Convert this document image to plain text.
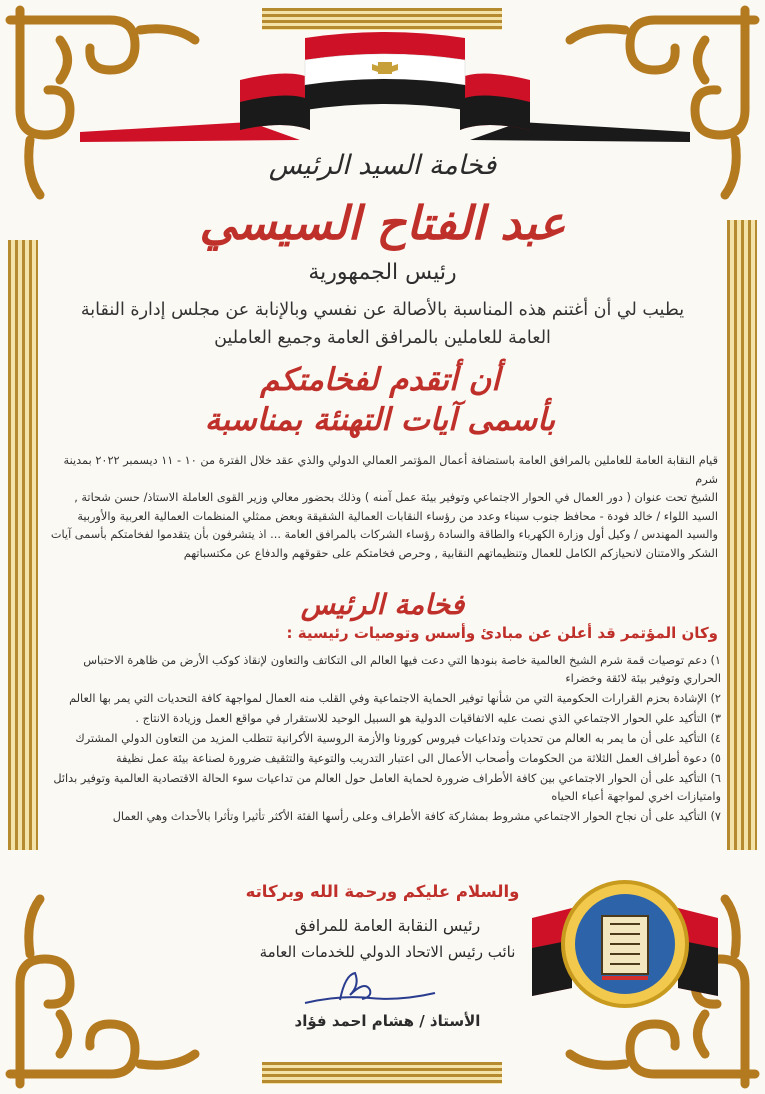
فخامة السيد الرئيس
عبد الفتاح السيسي
رئيس الجمهورية
يطيب لي أن أغتنم هذه المناسبة بالأصالة عن نفسي وبالإنابة عن مجلس إدارة النقابة
العامة للعاملين بالمرافق العامة وجميع العاملين
أن أتقدم لفخامتكم
بأسمى آيات التهنئة بمناسبة
قيام النقابة العامة للعاملين بالمرافق العامة باستضافة أعمال المؤتمر العمالي الدولي والذي عقد خلال الفترة من ١٠ - ١١ ديسمبر ٢٠٢٢ بمدينة شرم
الشيخ تحت عنوان ( دور العمال في الحوار الاجتماعي وتوفير بيئة عمل آمنه ) وذلك بحضور معالي وزير القوى العاملة الاستاذ/ حسن شحاتة ,
السيد اللواء / خالد فودة - محافظ جنوب سيناء وعدد من رؤساء النقابات العمالية الشقيقة وبعض ممثلي المنظمات العمالية العربية والأوربية
والسيد المهندس / وكيل أول وزارة الكهرباء والطاقة والسادة رؤساء الشركات بالمرافق العامة ... اذ يتشرفون بأن يتقدموا لفخامتكم بأسمى آيات
الشكر والامتنان لانحيازكم الكامل للعمال وتنظيماتهم النقابية , وحرص فخامتكم على حقوقهم والدفاع عن مكتسباتهم
فخامة الرئيس
وكان المؤتمر قد أعلن عن مبادئ وأسس وتوصيات رئيسية :
١) دعم توصيات قمة شرم الشيخ العالمية خاصة بنودها التي دعت فيها العالم الى التكاتف والتعاون لإنقاذ كوكب الأرض من ظاهرة الاحتباس الحراري وتوفير بيئة لائقة وخضراء
٢) الإشادة بحزم القرارات الحكومية التي من شأنها توفير الحماية الاجتماعية وفي القلب منه العمال لمواجهة كافة التحديات التي يمر بها العالم
٣) التأكيد علي الحوار الاجتماعي الذي نصت عليه الاتفاقيات الدولية هو السبيل الوحيد للاستقرار في مواقع العمل وزيادة الانتاج .
٤) التأكيد على أن ما يمر به العالم من تحديات وتداعيات فيروس كورونا والأزمة الروسية الأكرانية تتطلب المزيد من التعاون الدولي المشترك
٥) دعوة أطراف العمل الثلاثة من الحكومات وأصحاب الأعمال الى اعتبار التدريب والتوعية والتثقيف ضرورة لصناعة بيئة عمل نظيفة
٦) التأكيد على أن الحوار الاجتماعي بين كافة الأطراف ضرورة لحماية العامل حول العالم من تداعيات سوء الحالة الاقتصادية العالمية وتوفير بدائل وامتيازات اخري لمواجهة أعباء الحياه
٧) التأكيد على أن نجاح الحوار الاجتماعي مشروط بمشاركة كافة الأطراف وعلى رأسها الفئة الأكثر تأثيرا وتأثرا بالأحداث وهي العمال
والسلام عليكم ورحمة الله وبركاته
رئيس النقابة العامة للمرافق
نائب رئيس الاتحاد الدولي للخدمات العامة
الأستاذ / هشام احمد فؤاد
